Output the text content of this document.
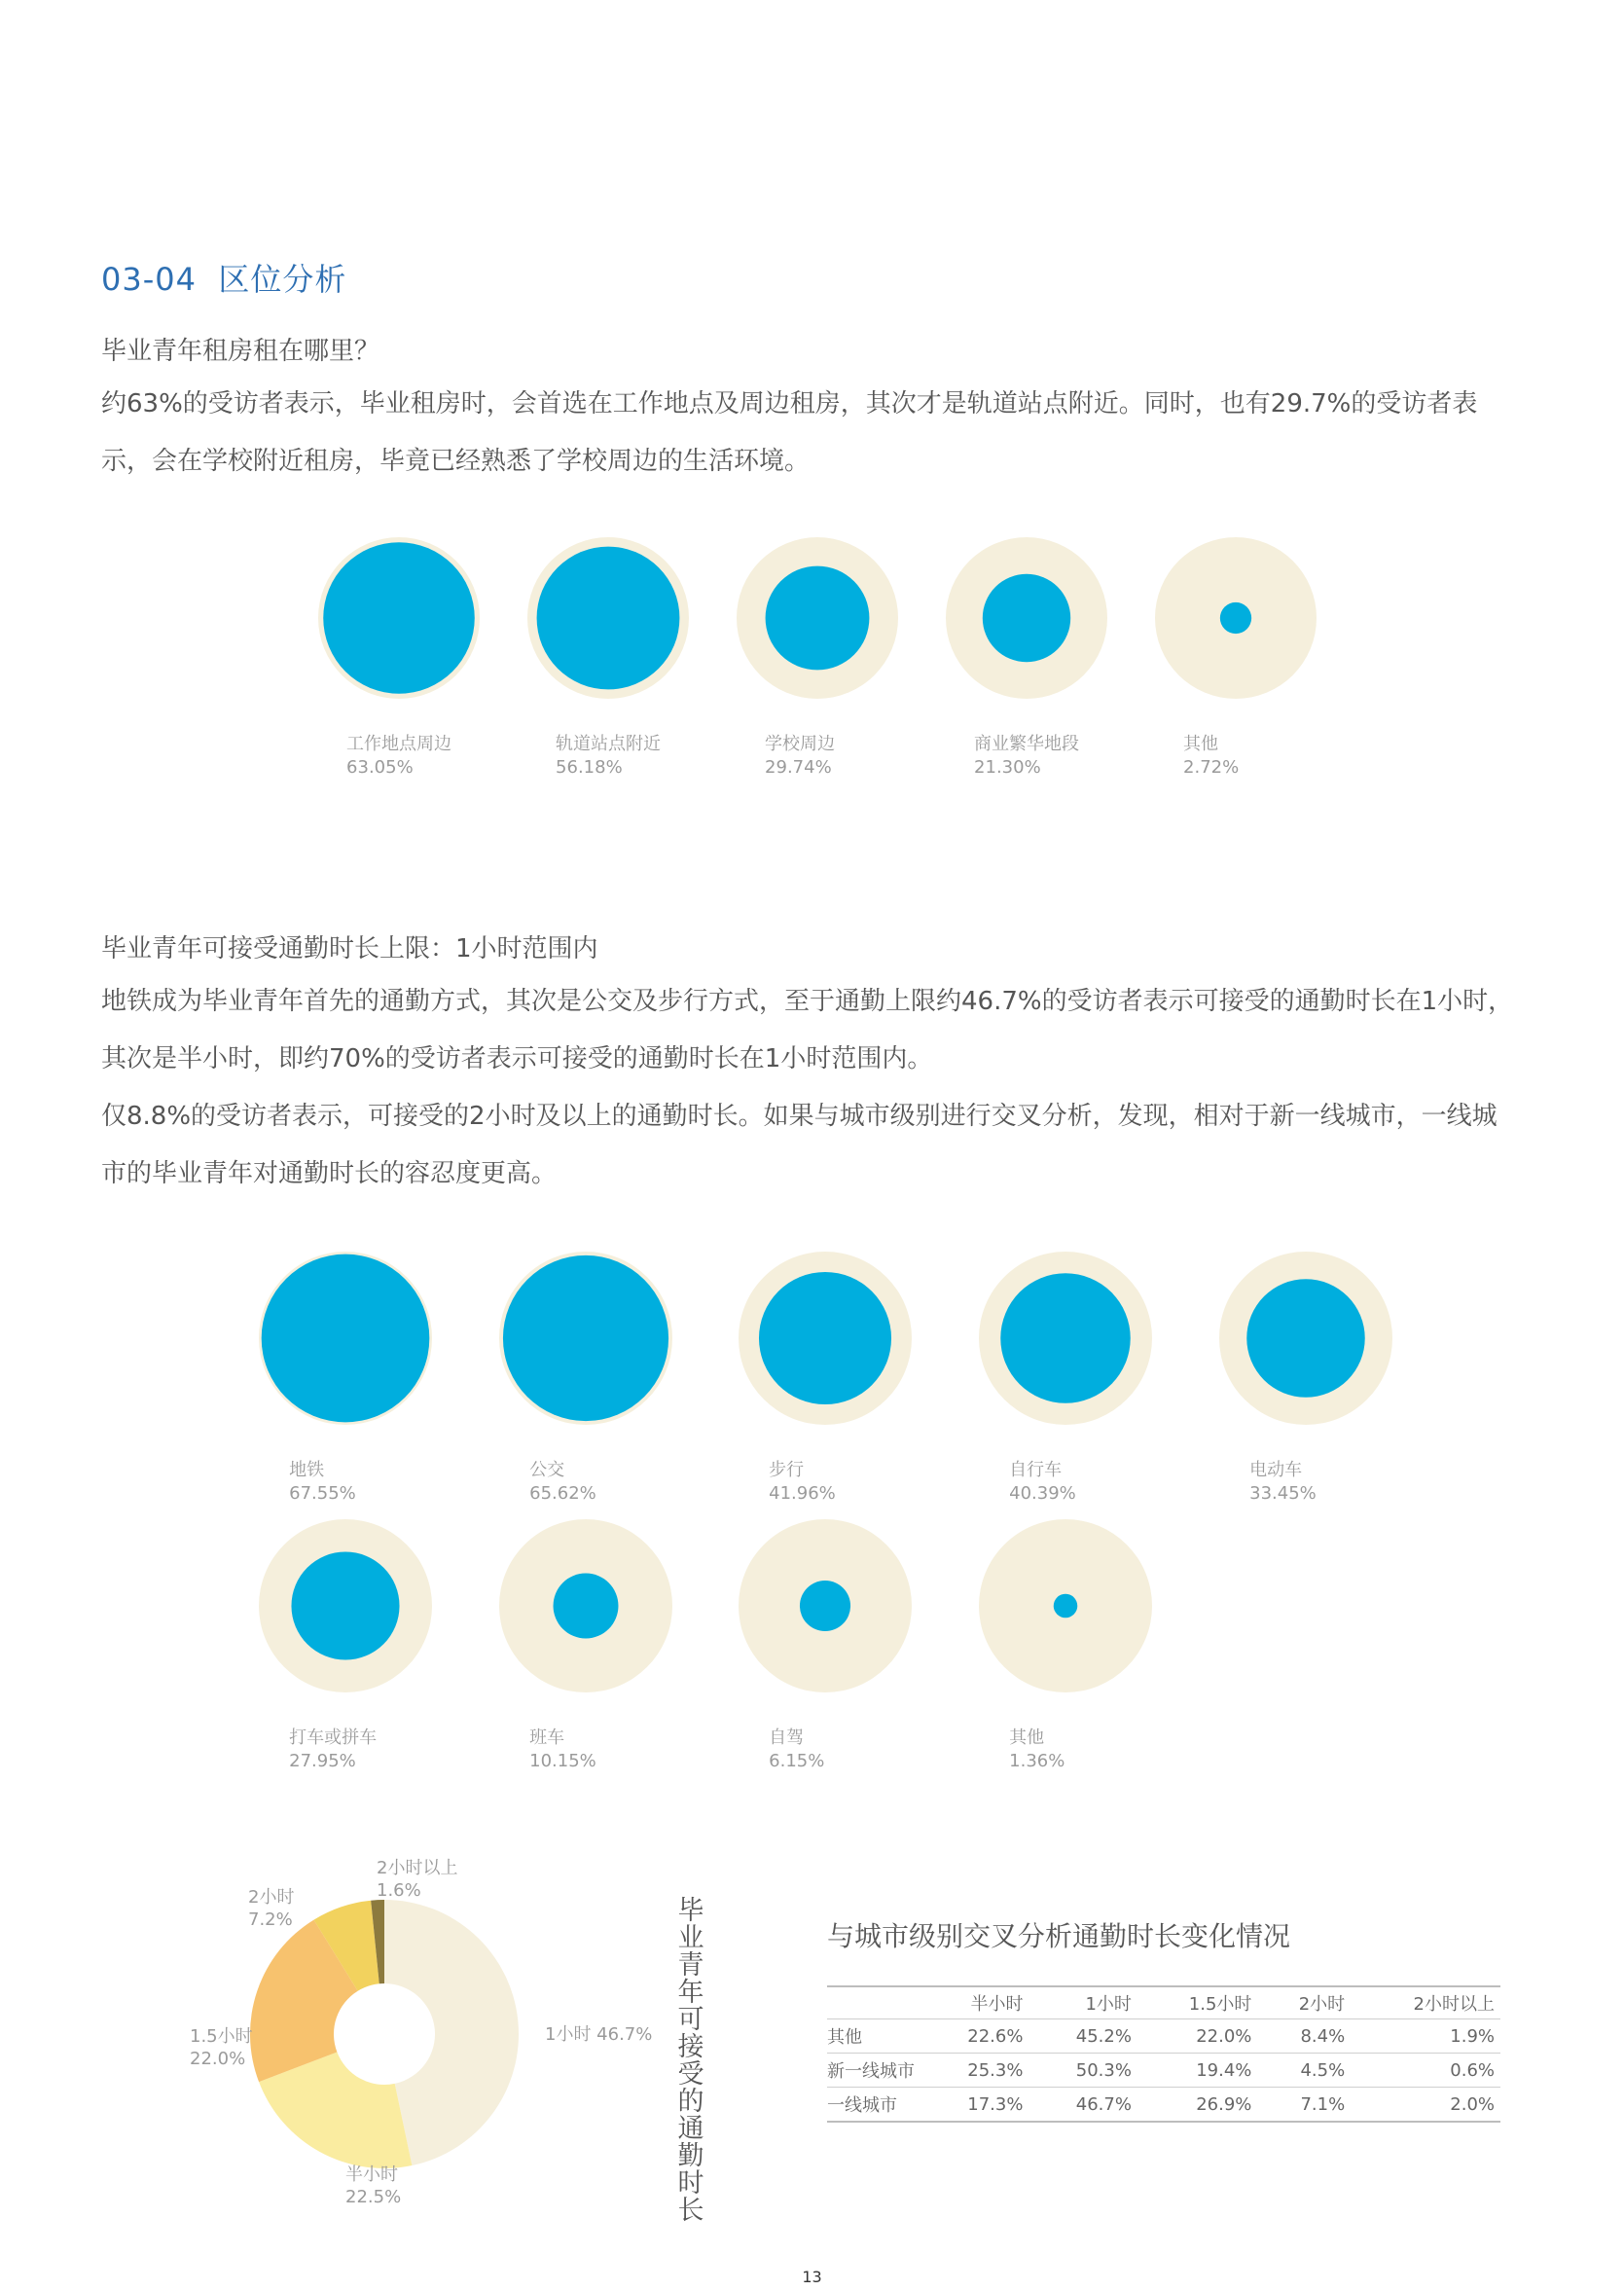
03-04 区位分析
毕业青年租房租在哪里？

约63%的受访者表示，毕业租房时，会首选在工作地点及周边租房，其次才是轨道站点附近。同时，也有29.7%的受访者表示，会在学校附近租房，毕竟已经熟悉了学校周边的生活环境。

工作地点周边
63.05%
轨道站点附近
56.18%
学校周边
29.74%
商业繁华地段
21.30%
其他
2.72%
毕业青年可接受通勤时长上限：1小时范围内

地铁成为毕业青年首先的通勤方式，其次是公交及步行方式，至于通勤上限约46.7%的受访者表示可接受的通勤时长在1小时，其次是半小时，即约70%的受访者表示可接受的通勤时长在1小时范围内。

仅8.8%的受访者表示，可接受的2小时及以上的通勤时长。如果与城市级别进行交叉分析，发现，相对于新一线城市，一线城市的毕业青年对通勤时长的容忍度更高。

地铁
67.55%
公交
65.62%
步行
41.96%
自行车
40.39%
电动车
33.45%
打车或拼车
27.95%
班车
10.15%
自驾
6.15%
其他
1.36%
1小时 46.7%
半小时
22.5%
1.5小时
22.0%
2小时
7.2%
2小时以上
1.6%
毕业青年可接受的通勤时长
与城市级别交叉分析通勤时长变化情况
	半小时	1小时	1.5小时	2小时	2小时以上
其他	22.6%	45.2%	22.0%	8.4%	1.9%
新一线城市	25.3%	50.3%	19.4%	4.5%	0.6%
一线城市	17.3%	46.7%	26.9%	7.1%	2.0%
13
